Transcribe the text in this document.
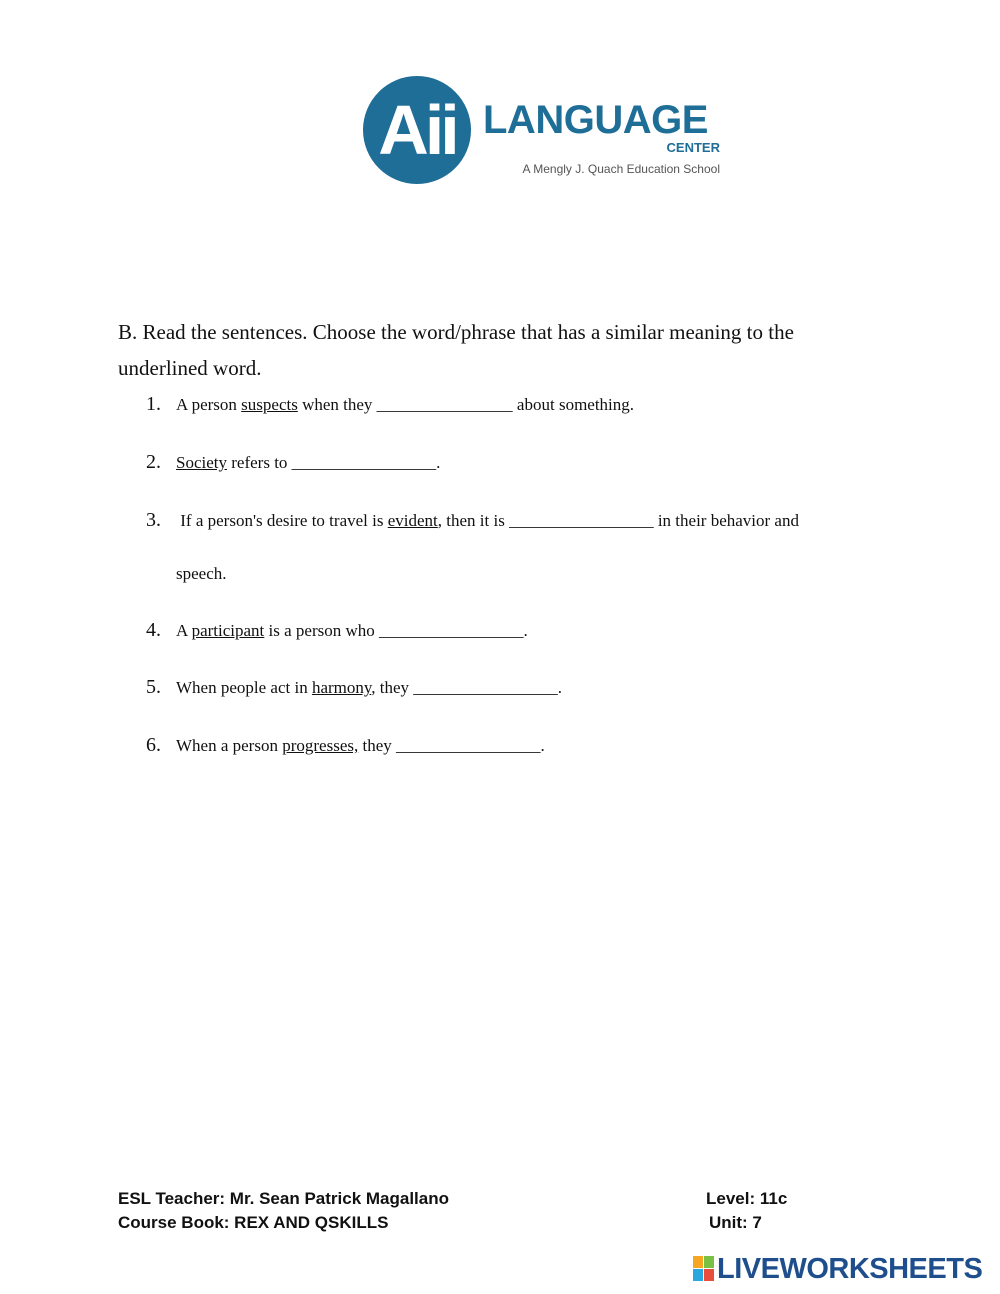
Aii LANGUAGE
CENTER
A Mengly J. Quach Education School

B. Read the sentences. Choose the word/phrase that has a similar meaning to the underlined word.

1. A person suspects when they ________________ about something.
2. Society refers to _________________.
3. If a person's desire to travel is evident, then it is _________________ in their behavior and
speech.
4. A participant is a person who _________________.
5. When people act in harmony, they _________________.
6. When a person progresses, they _________________.
ESL Teacher: Mr. Sean Patrick Magallano
Course Book: REX AND QSKILLS
Level: 11c
Unit: 7
LIVEWORKSHEETS
